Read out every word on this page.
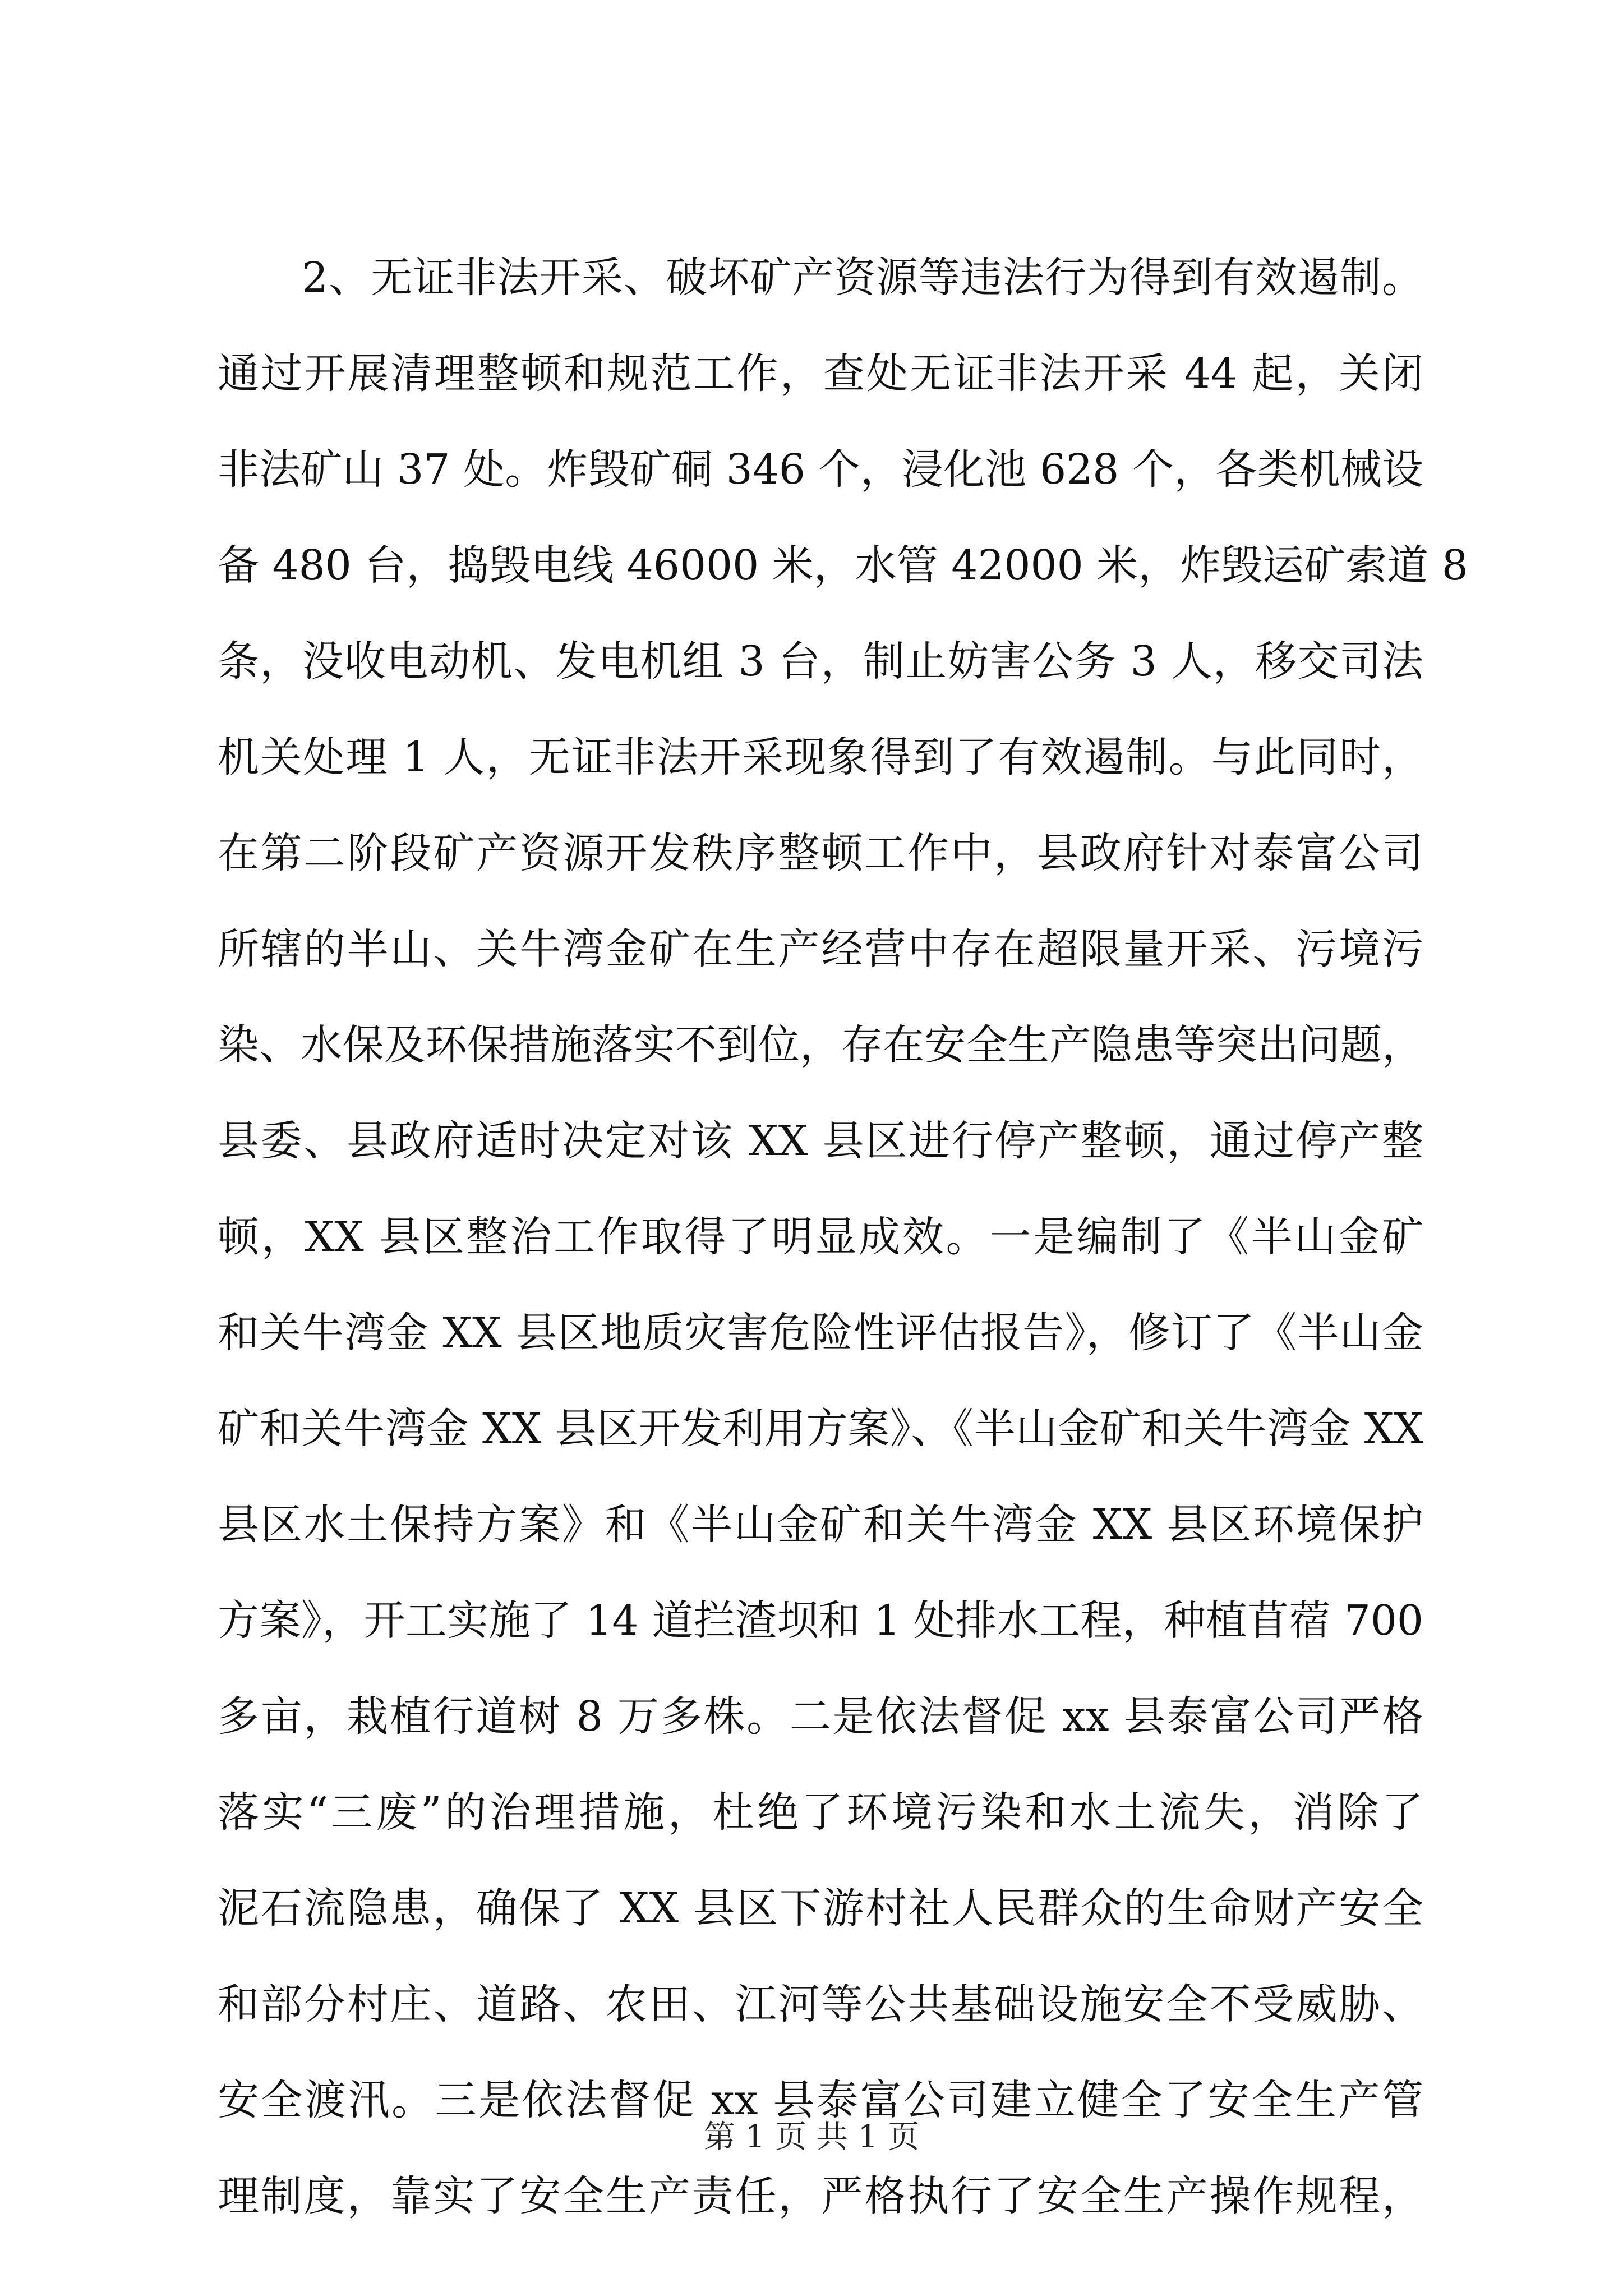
2、无证非法开采、破坏矿产资源等违法行为得到有效遏制。
通过开展清理整顿和规范工作，查处无证非法开采 44 起，关闭
非法矿山 37 处。炸毁矿硐 346 个，浸化池 628 个，各类机械设
备 480 台，捣毁电线 46000 米，水管 42000 米，炸毁运矿索道 8
条，没收电动机、发电机组 3 台，制止妨害公务 3 人，移交司法
机关处理 1 人，无证非法开采现象得到了有效遏制。与此同时，
在第二阶段矿产资源开发秩序整顿工作中，县政府针对泰富公司
所辖的半山、关牛湾金矿在生产经营中存在超限量开采、污境污
染、水保及环保措施落实不到位，存在安全生产隐患等突出问题，
县委、县政府适时决定对该 XX 县区进行停产整顿，通过停产整
顿，XX 县区整治工作取得了明显成效。一是编制了《半山金矿
和关牛湾金 XX 县区地质灾害危险性评估报告》，修订了《半山金
矿和关牛湾金 XX 县区开发利用方案》、《半山金矿和关牛湾金 XX
县区水土保持方案》和《半山金矿和关牛湾金 XX 县区环境保护
方案》，开工实施了 14 道拦渣坝和 1 处排水工程，种植苜蓿 700
多亩，栽植行道树 8 万多株。二是依法督促 xx 县泰富公司严格
落实“三废”的治理措施，杜绝了环境污染和水土流失，消除了
泥石流隐患，确保了 XX 县区下游村社人民群众的生命财产安全
和部分村庄、道路、农田、江河等公共基础设施安全不受威胁、
安全渡汛。三是依法督促 xx 县泰富公司建立健全了安全生产管
理制度，靠实了安全生产责任，严格执行了安全生产操作规程，
第 1 页 共 1 页
